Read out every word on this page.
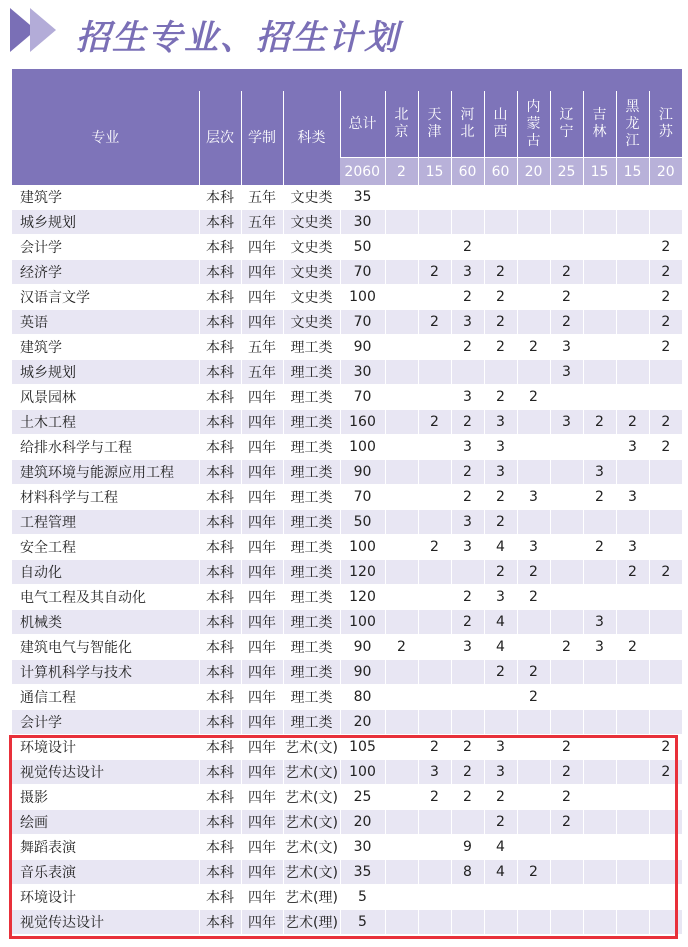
招生专业、招生计划

专业	层次	学制	科类	总计	北京	天津	河北	山西	内蒙古	辽宁	吉林	黑龙江	江苏
				2060	2	15	60	60	20	25	15	15	20
建筑学	本科	五年	文史类	35									
城乡规划	本科	五年	文史类	30									
会计学	本科	四年	文史类	50			2						2
经济学	本科	四年	文史类	70		2	3	2		2			2
汉语言文学	本科	四年	文史类	100			2	2		2			2
英语	本科	四年	文史类	70		2	3	2		2			2
建筑学	本科	五年	理工类	90			2	2	2	3			2
城乡规划	本科	五年	理工类	30						3			
风景园林	本科	四年	理工类	70			3	2	2				
土木工程	本科	四年	理工类	160		2	2	3		3	2	2	2
给排水科学与工程	本科	四年	理工类	100			3	3				3	2
建筑环境与能源应用工程	本科	四年	理工类	90			2	3			3		
材料科学与工程	本科	四年	理工类	70			2	2	3		2	3	
工程管理	本科	四年	理工类	50			3	2					
安全工程	本科	四年	理工类	100		2	3	4	3		2	3	
自动化	本科	四年	理工类	120				2	2			2	2
电气工程及其自动化	本科	四年	理工类	120			2	3	2				
机械类	本科	四年	理工类	100			2	4			3		
建筑电气与智能化	本科	四年	理工类	90	2		3	4		2	3	2	
计算机科学与技术	本科	四年	理工类	90				2	2				
通信工程	本科	四年	理工类	80					2				
会计学	本科	四年	理工类	20									
环境设计	本科	四年	艺术(文)	105		2	2	3		2			2
视觉传达设计	本科	四年	艺术(文)	100		3	2	3		2			2
摄影	本科	四年	艺术(文)	25		2	2	2		2			
绘画	本科	四年	艺术(文)	20				2		2			
舞蹈表演	本科	四年	艺术(文)	30			9	4					
音乐表演	本科	四年	艺术(文)	35			8	4	2				
环境设计	本科	四年	艺术(理)	5									
视觉传达设计	本科	四年	艺术(理)	5									
